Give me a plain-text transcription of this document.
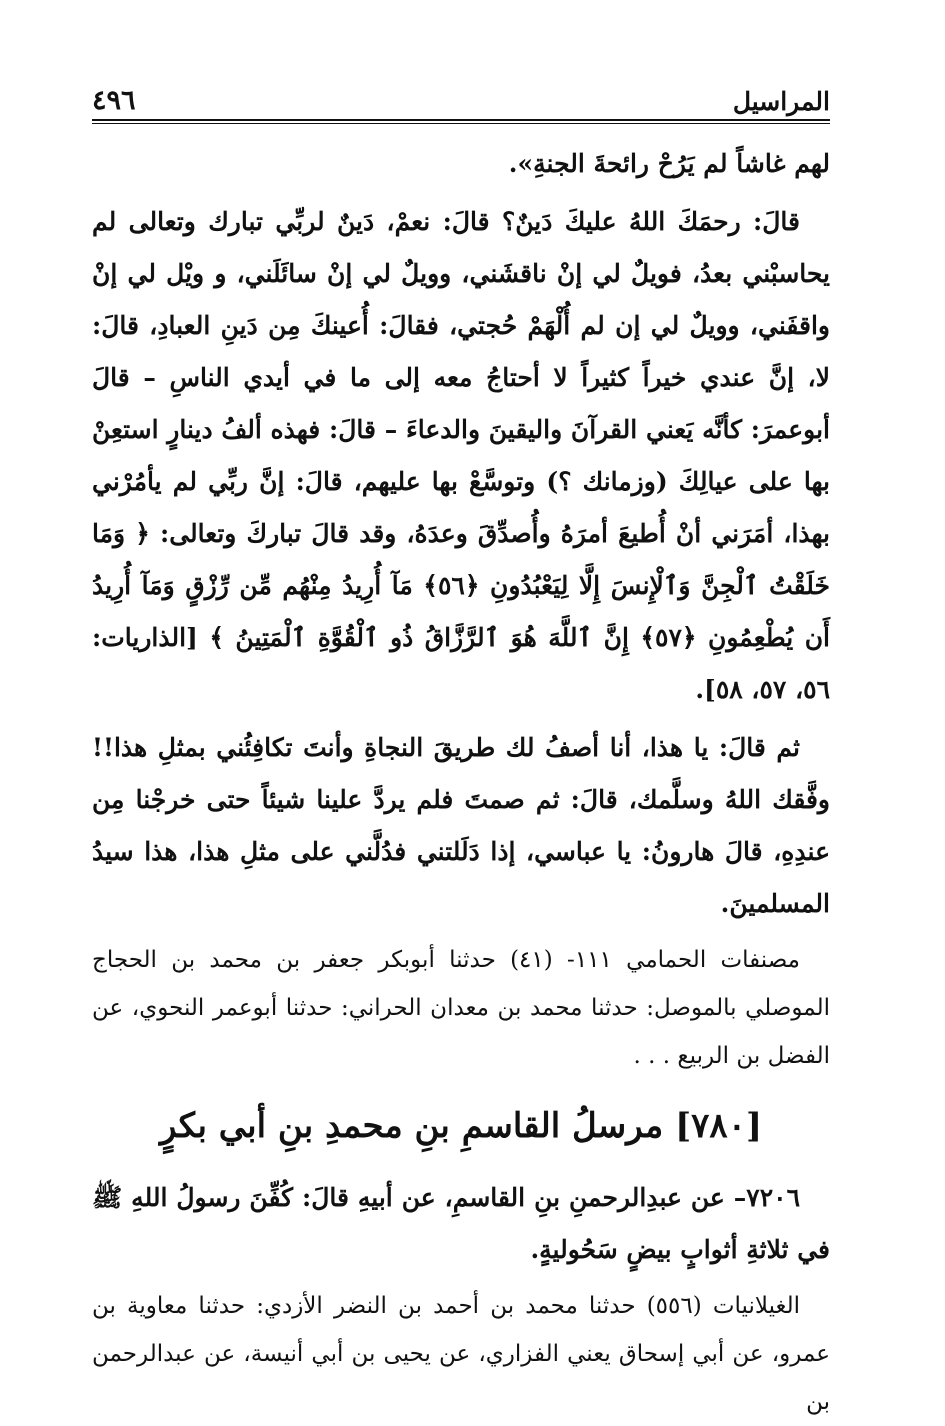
المراسيل
٤٩٦

لهم غاشاً لم يَرُحْ رائحةَ الجنةِ».

قالَ: رحمَكَ اللهُ عليكَ دَينٌ؟ قالَ: نعمْ، دَينٌ لربِّي تبارك وتعالى لم يحاسبْني بعدُ، فويلٌ لي إنْ ناقشَني، وويلٌ لي إنْ سائَلَني، و ويْل لي إنْ واقفَني، وويلٌ لي إن لم أُلْهَمْ حُجتي، فقالَ: أُعينكَ مِن دَينِ العبادِ، قالَ: لا، إنَّ عندي خيراً كثيراً لا أحتاجُ معه إلى ما في أيدي الناسِ – قالَ أبوعمرَ: كأنَّه يَعني القرآنَ واليقينَ والدعاءَ – قالَ: فهذه ألفُ دينارٍ استعِنْ بها على عيالِكَ (وزمانك ؟) وتوسَّعْ بها عليهم، قالَ: إنَّ ربِّي لم يأمُرْني بهذا، أمَرَني أنْ أُطيعَ أمرَهُ وأُصدِّقَ وعدَهُ، وقد قالَ تباركَ وتعالى: ﴿ وَمَا خَلَقْتُ ٱلْجِنَّ وَٱلْإِنسَ إِلَّا لِيَعْبُدُونِ ﴿٥٦﴾ مَآ أُرِيدُ مِنْهُم مِّن رِّزْقٍ وَمَآ أُرِيدُ أَن يُطْعِمُونِ ﴿٥٧﴾ إِنَّ ٱللَّهَ هُوَ ٱلرَّزَّاقُ ذُو ٱلْقُوَّةِ ٱلْمَتِينُ ﴾ [الذاريات: ٥٦، ٥٧، ٥٨].

ثم قالَ: يا هذا، أنا أصفُ لك طريقَ النجاةِ وأنتَ تكافِئُني بمثلِ هذا!! وفَّقك اللهُ وسلَّمك، قالَ: ثم صمتَ فلم يردَّ علينا شيئاً حتى خرجْنا مِن عندِهِ، قالَ هارونُ: يا عباسي، إذا دَلَلتني فدُلَّني على مثلِ هذا، هذا سيدُ المسلمينَ.

مصنفات الحمامي ١١١- (٤١) حدثنا أبوبكر جعفر بن محمد بن الحجاج الموصلي بالموصل: حدثنا محمد بن معدان الحراني: حدثنا أبوعمر النحوي، عن الفضل بن الربيع . . .

[٧٨٠] مرسلُ القاسمِ بنِ محمدِ بنِ أبي بكرٍ

٧٢٠٦– عن عبدِالرحمنِ بنِ القاسمِ، عن أبيهِ قالَ: كُفِّنَ رسولُ اللهِ ﷺ في ثلاثةِ أثوابٍ بيضٍ سَحُوليةٍ.

الغيلانيات (٥٥٦) حدثنا محمد بن أحمد بن النضر الأزدي: حدثنا معاوية بن عمرو، عن أبي إسحاق يعني الفزاري، عن يحيى بن أبي أنيسة، عن عبدالرحمن بن
